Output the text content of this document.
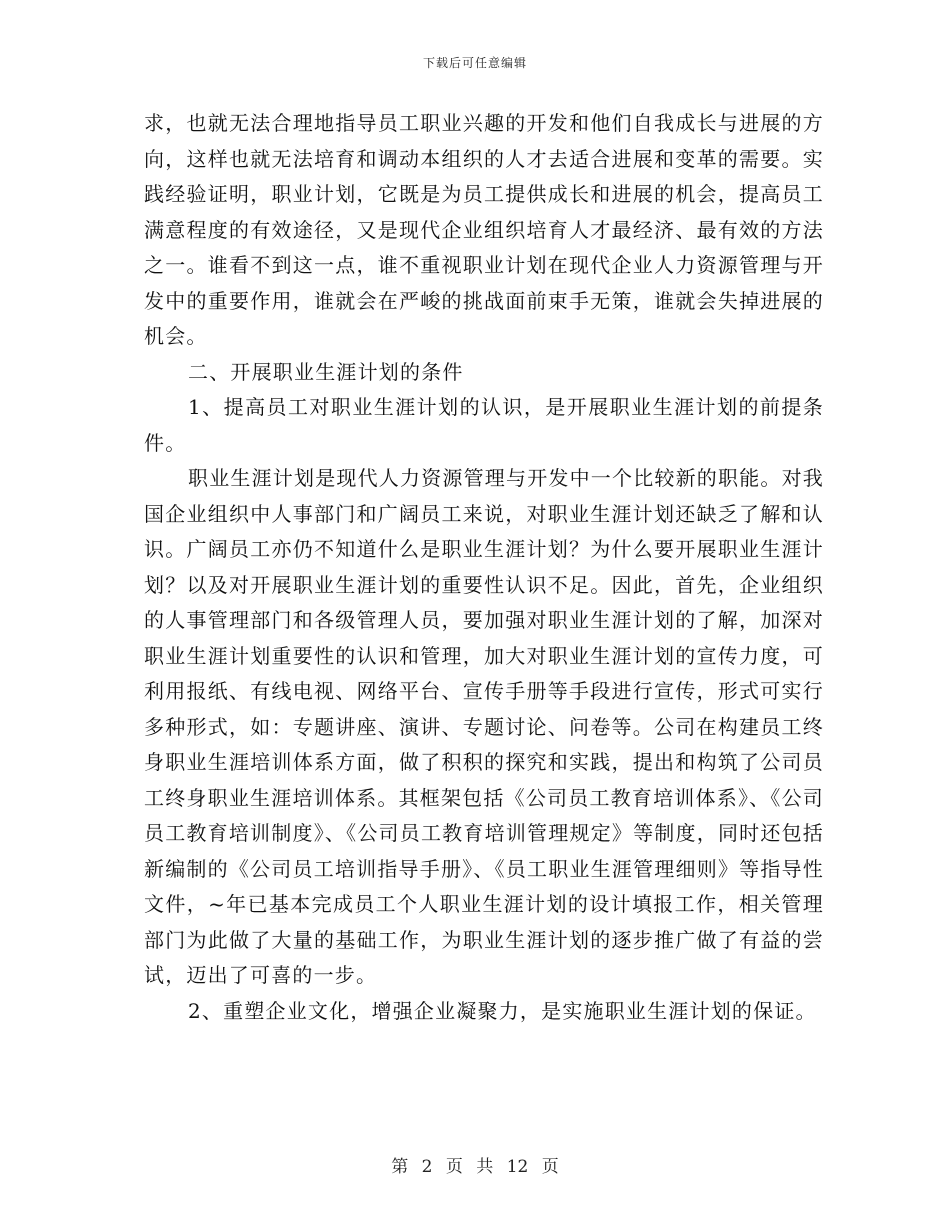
下载后可任意编辑

求，也就无法合理地指导员工职业兴趣的开发和他们自我成长与进展的方向，这样也就无法培育和调动本组织的人才去适合进展和变革的需要。实践经验证明，职业计划，它既是为员工提供成长和进展的机会，提高员工满意程度的有效途径，又是现代企业组织培育人才最经济、最有效的方法之一。谁看不到这一点，谁不重视职业计划在现代企业人力资源管理与开发中的重要作用，谁就会在严峻的挑战面前束手无策，谁就会失掉进展的机会。

二、开展职业生涯计划的条件

1、提高员工对职业生涯计划的认识，是开展职业生涯计划的前提条件。

职业生涯计划是现代人力资源管理与开发中一个比较新的职能。对我国企业组织中人事部门和广阔员工来说，对职业生涯计划还缺乏了解和认识。广阔员工亦仍不知道什么是职业生涯计划？为什么要开展职业生涯计划？以及对开展职业生涯计划的重要性认识不足。因此，首先，企业组织的人事管理部门和各级管理人员，要加强对职业生涯计划的了解，加深对职业生涯计划重要性的认识和管理，加大对职业生涯计划的宣传力度，可利用报纸、有线电视、网络平台、宣传手册等手段进行宣传，形式可实行多种形式，如：专题讲座、演讲、专题讨论、问卷等。公司在构建员工终身职业生涯培训体系方面，做了积积的探究和实践，提出和构筑了公司员工终身职业生涯培训体系。其框架包括《公司员工教育培训体系》、《公司员工教育培训制度》、《公司员工教育培训管理规定》等制度，同时还包括新编制的《公司员工培训指导手册》、《员工职业生涯管理细则》等指导性文件，~年已基本完成员工个人职业生涯计划的设计填报工作，相关管理部门为此做了大量的基础工作，为职业生涯计划的逐步推广做了有益的尝试，迈出了可喜的一步。

2、重塑企业文化，增强企业凝聚力，是实施职业生涯计划的保证。

第 2 页 共 12 页
